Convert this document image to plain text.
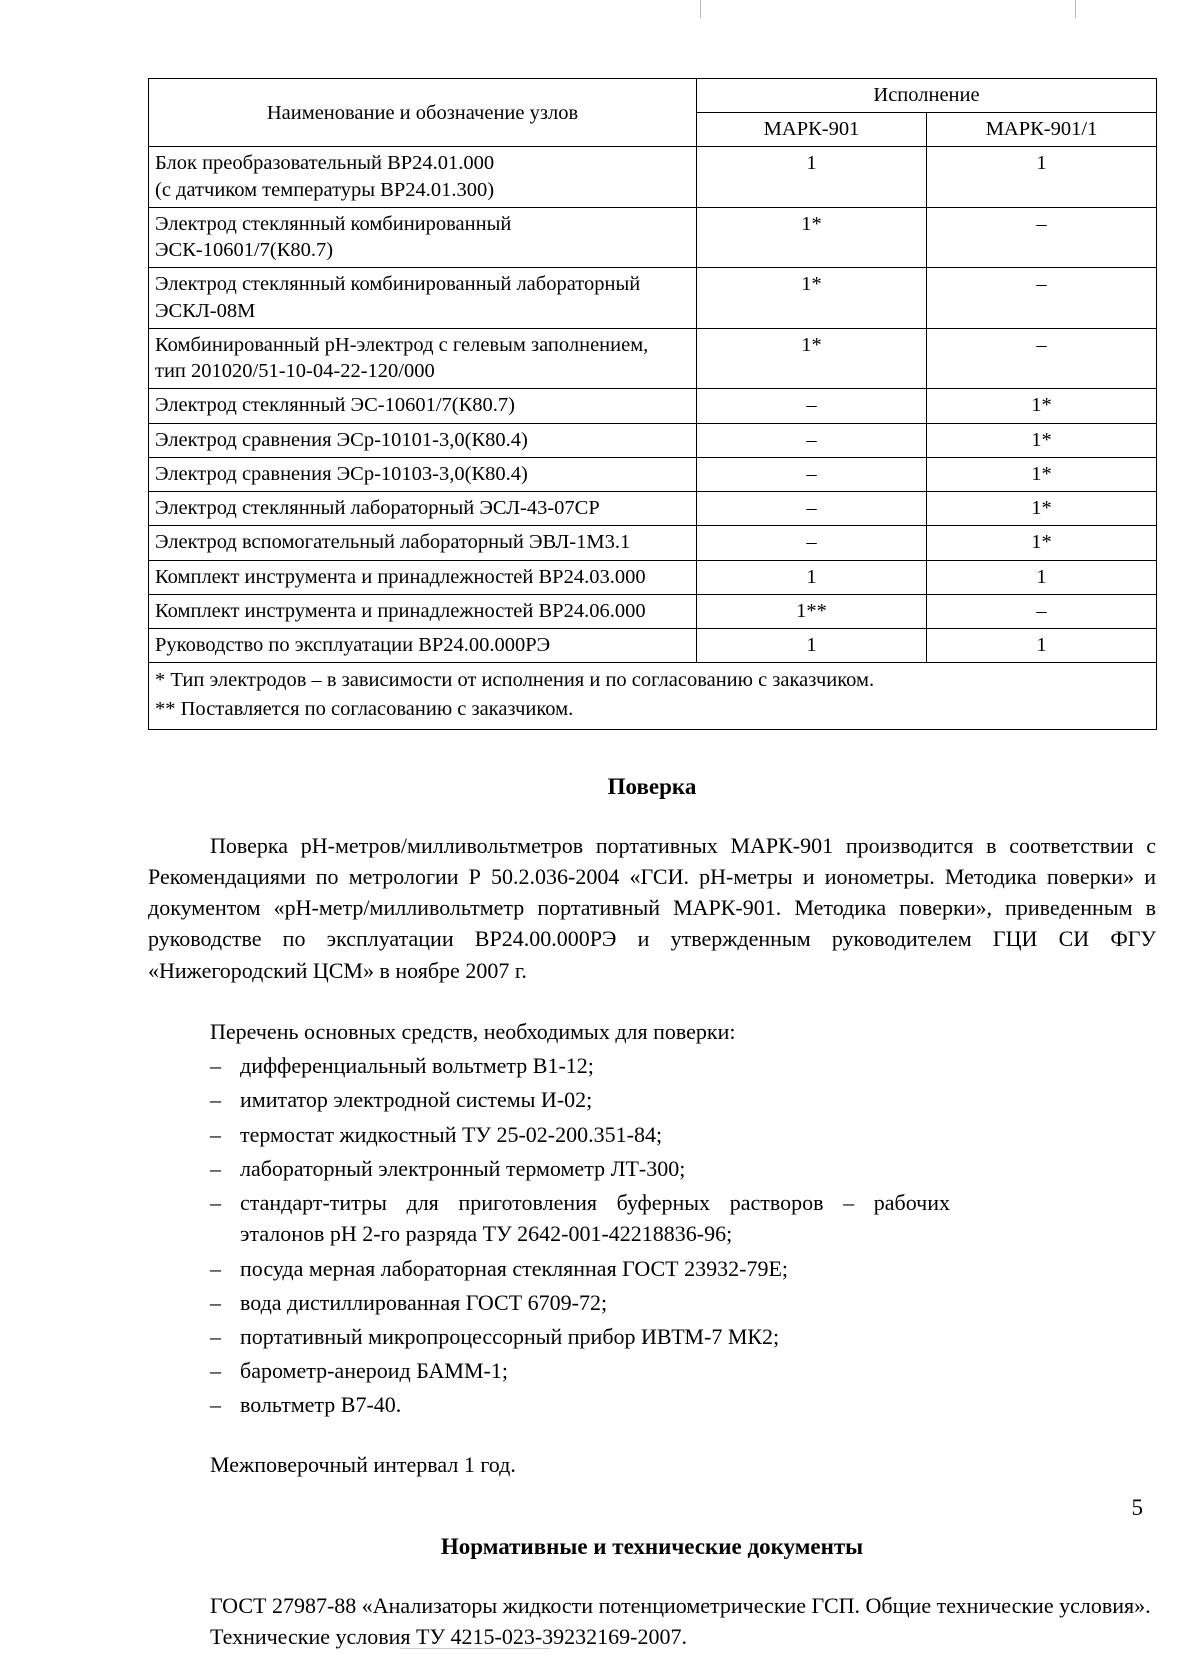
Наименование и обозначение узлов	Исполнение	
	МАРК-901	МАРК-901/1
Блок преобразовательный ВР24.01.000
(с датчиком температуры ВР24.01.300)	1	1
Электрод стеклянный комбинированный
ЭСК-10601/7(К80.7)	1*	–
Электрод стеклянный комбинированный лабораторный
ЭСКЛ-08М	1*	–
Комбинированный рН-электрод с гелевым заполнением,
тип 201020/51-10-04-22-120/000	1*	–
Электрод стеклянный ЭС-10601/7(К80.7)	–	1*
Электрод сравнения ЭСр-10101-3,0(К80.4)	–	1*
Электрод сравнения ЭСр-10103-3,0(К80.4)	–	1*
Электрод стеклянный лабораторный ЭСЛ-43-07СР	–	1*
Электрод вспомогательный лабораторный ЭВЛ-1М3.1	–	1*
Комплект инструмента и принадлежностей ВР24.03.000	1	1
Комплект инструмента и принадлежностей ВР24.06.000	1**	–
Руководство по эксплуатации ВР24.00.000РЭ	1	1

* Тип электродов – в зависимости от исполнения и по согласованию с заказчиком.
** Поставляется по согласованию с заказчиком.		
Поверка

Поверка рН-метров/милливольтметров портативных МАРК-901 производится в соответствии с Рекомендациями по метрологии Р 50.2.036-2004 «ГСИ. рН-метры и ионометры. Методика поверки» и документом «рН-метр/милливольтметр портативный МАРК-901. Методика поверки», приведенным в руководстве по эксплуатации ВР24.00.000РЭ и утвержденным руководителем ГЦИ СИ ФГУ «Нижегородский ЦСМ» в ноябре 2007 г.

Перечень основных средств, необходимых для поверки:

– дифференциальный вольтметр В1-12;
– имитатор электродной системы И-02;
– термостат жидкостный ТУ 25-02-200.351-84;
– лабораторный электронный термометр ЛТ-300;
– стандарт-титры для приготовления буферных растворов – рабочих эталонов рН 2-го разряда ТУ 2642-001-42218836-96;
– посуда мерная лабораторная стеклянная ГОСТ 23932-79Е;
– вода дистиллированная ГОСТ 6709-72;
– портативный микропроцессорный прибор ИВТМ-7 МК2;
– барометр-анероид БАММ-1;
– вольтметр В7-40.

Межповерочный интервал 1 год.

Нормативные и технические документы

ГОСТ 27987-88 «Анализаторы жидкости потенциометрические ГСП. Общие технические условия».

Технические условия ТУ 4215-023-39232169-2007.

5
